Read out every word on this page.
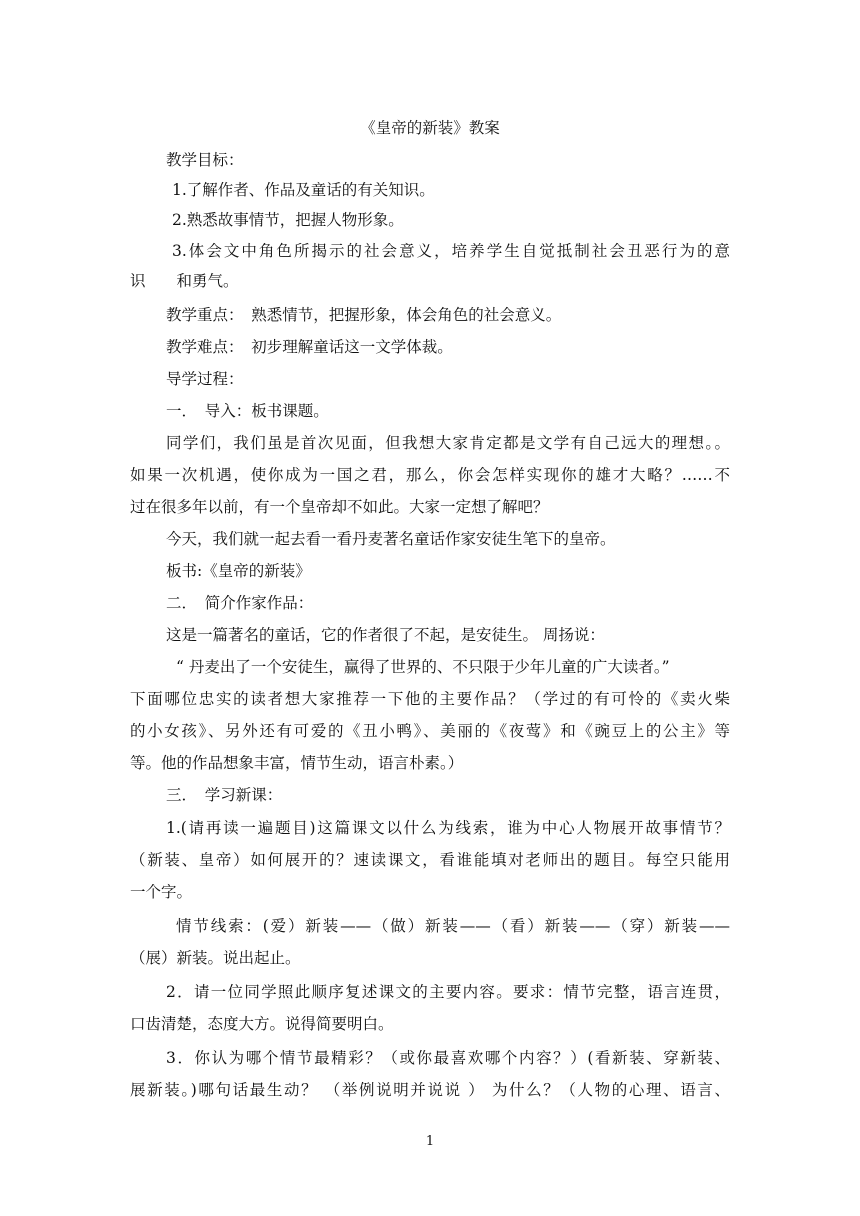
《皇帝的新装》教案

教学目标：

1.了解作者、作品及童话的有关知识。

2.熟悉故事情节，把握人物形象。

3.体会文中角色所揭示的社会意义，培养学生自觉抵制社会丑恶行为的意

识　　和勇气。

教学重点：　熟悉情节，把握形象，体会角色的社会意义。

教学难点：　初步理解童话这一文学体裁。

导学过程：

一．　导入：板书课题。

同学们，我们虽是首次见面，但我想大家肯定都是文学有自己远大的理想。。

如果一次机遇，使你成为一国之君，那么，你会怎样实现你的雄才大略？……不

过在很多年以前，有一个皇帝却不如此。大家一定想了解吧？

今天，我们就一起去看一看丹麦著名童话作家安徒生笔下的皇帝。

板书:《皇帝的新装》

二．　简介作家作品：

这是一篇著名的童话，它的作者很了不起，是安徒生。 周扬说：

“ 丹麦出了一个安徒生，赢得了世界的、不只限于少年儿童的广大读者。”

下面哪位忠实的读者想大家推荐一下他的主要作品？（学过的有可怜的《卖火柴

的小女孩》、另外还有可爱的《丑小鸭》、美丽的《夜莺》和《豌豆上的公主》等

等。他的作品想象丰富，情节生动，语言朴素。）

三．　学习新课：

1.(请再读一遍题目)这篇课文以什么为线索，谁为中心人物展开故事情节？

（新装、皇帝）如何展开的？速读课文，看谁能填对老师出的题目。每空只能用

一个字。

情节线索：(爱）新装——（做）新装——（看）新装——（穿）新装——

（展）新装。说出起止。

2．请一位同学照此顺序复述课文的主要内容。要求：情节完整，语言连贯，

口齿清楚，态度大方。说得简要明白。

3．你认为哪个情节最精彩？（或你最喜欢哪个内容？）(看新装、穿新装、

展新装。)哪句话最生动？ （举例说明并说说 ） 为什么？（人物的心理、语言、

1
